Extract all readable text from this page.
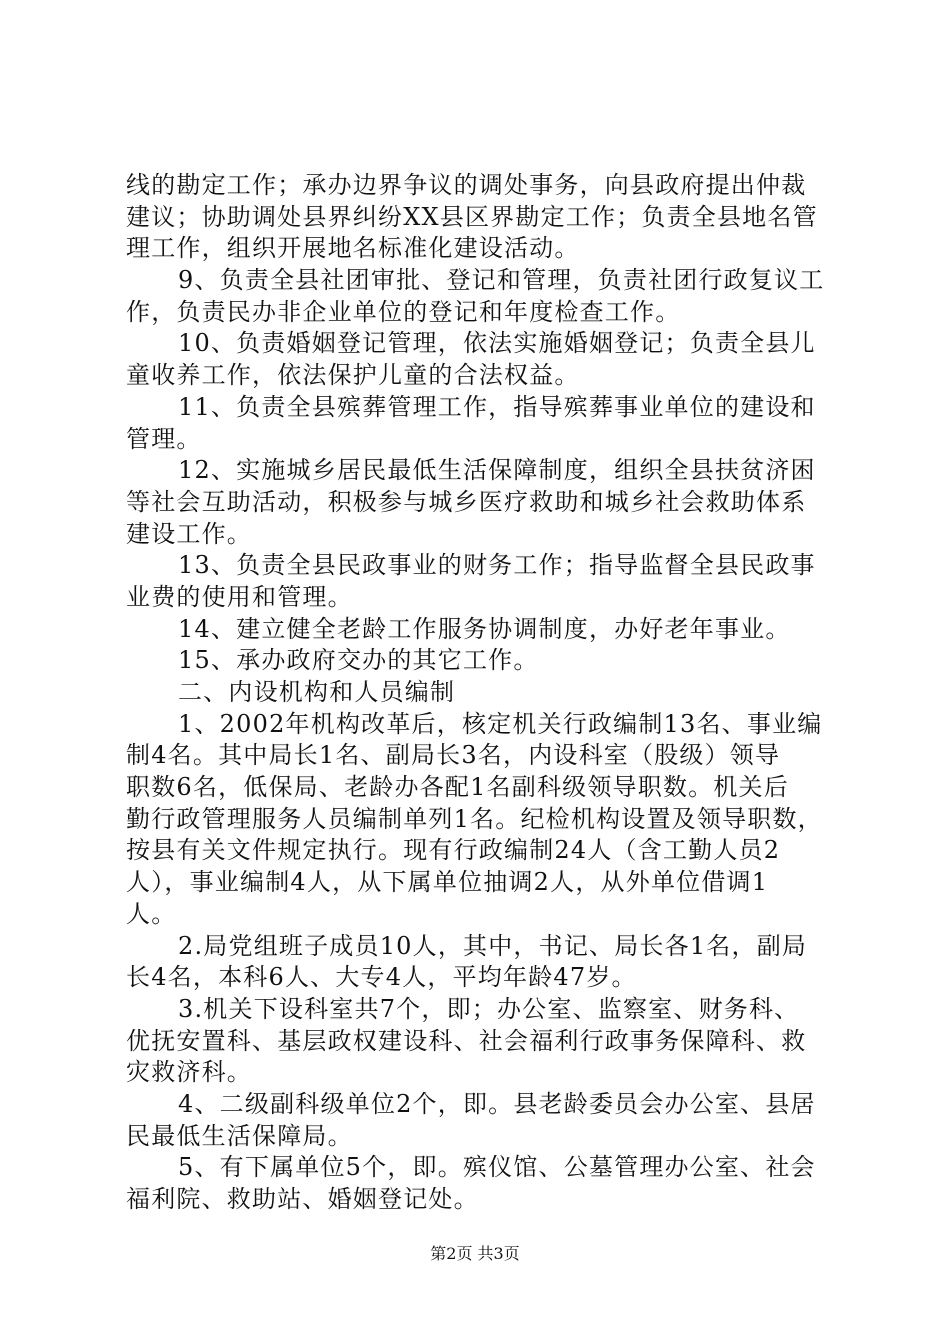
线的勘定工作；承办边界争议的调处事务，向县政府提出仲裁
建议；协助调处县界纠纷XX县区界勘定工作；负责全县地名管
理工作，组织开展地名标准化建设活动。
9、负责全县社团审批、登记和管理，负责社团行政复议工
作，负责民办非企业单位的登记和年度检查工作。
10、负责婚姻登记管理，依法实施婚姻登记；负责全县儿
童收养工作，依法保护儿童的合法权益。
11、负责全县殡葬管理工作，指导殡葬事业单位的建设和
管理。
12、实施城乡居民最低生活保障制度，组织全县扶贫济困
等社会互助活动，积极参与城乡医疗救助和城乡社会救助体系
建设工作。
13、负责全县民政事业的财务工作；指导监督全县民政事
业费的使用和管理。
14、建立健全老龄工作服务协调制度，办好老年事业。
15、承办政府交办的其它工作。
二、内设机构和人员编制
1、2002年机构改革后，核定机关行政编制13名、事业编
制4名。其中局长1名、副局长3名，内设科室（股级）领导
职数6名，低保局、老龄办各配1名副科级领导职数。机关后
勤行政管理服务人员编制单列1名。纪检机构设置及领导职数，
按县有关文件规定执行。现有行政编制24人（含工勤人员2
人），事业编制4人，从下属单位抽调2人，从外单位借调1
人。
2.局党组班子成员10人，其中，书记、局长各1名，副局
长4名，本科6人、大专4人，平均年龄47岁。
3.机关下设科室共7个，即；办公室、监察室、财务科、
优抚安置科、基层政权建设科、社会福利行政事务保障科、救
灾救济科。
4、二级副科级单位2个，即。县老龄委员会办公室、县居
民最低生活保障局。
5、有下属单位5个，即。殡仪馆、公墓管理办公室、社会
福利院、救助站、婚姻登记处。
第2页 共3页
